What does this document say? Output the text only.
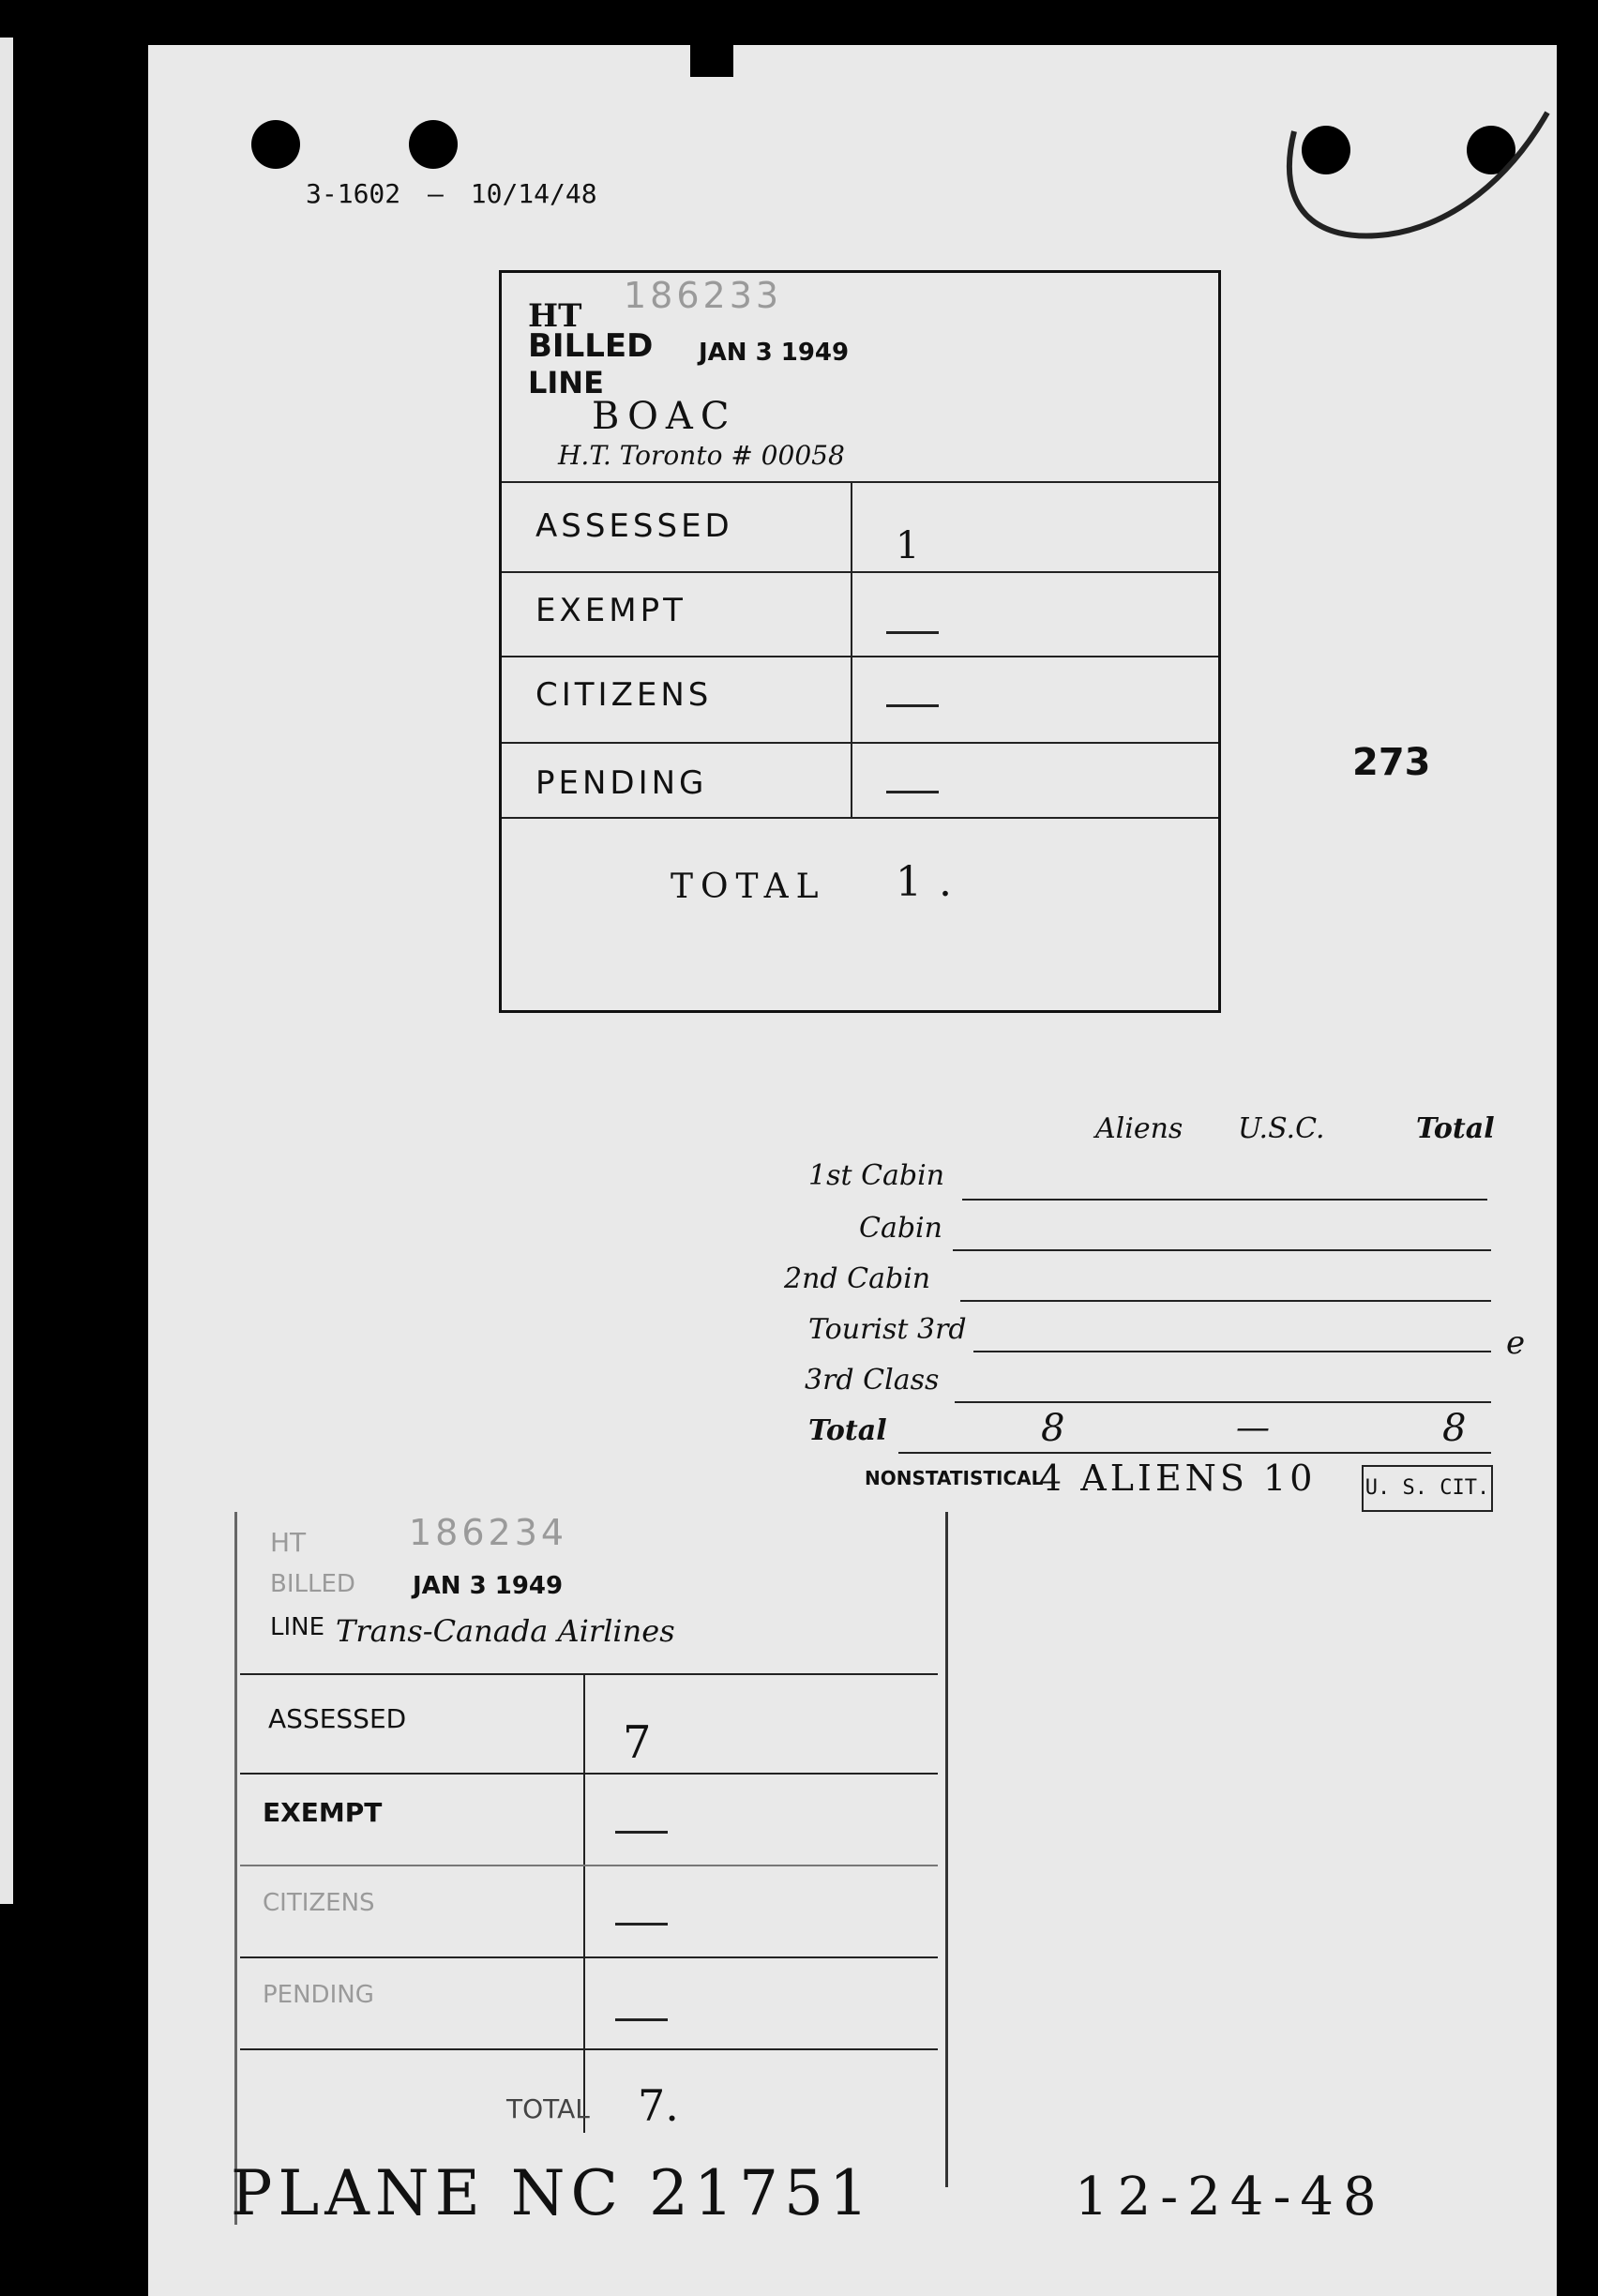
3-1602 — 10/14/48
273
186233
HT
BILLED JAN 3 1949
LINE
BOAC
H.T. Toronto # 00058
ASSESSED	1
EXEMPT
CITIZENS
PENDING
TOTAL 1.
Aliens U.S.C.	Total
1st Cabin
Cabin
2nd Cabin
Tourist 3rd	e
3rd Class
Total	8	—	8
NONSTATISTICAL
4 ALIENS 10 U. S. CIT.
186234
HT
BILLED JAN 3 1949
LINE Trans-Canada Airlines
ASSESSED	7
EXEMPT
CITIZENS
PENDING
TOTAL 7.
PLANE NC 21751	12-24-48
